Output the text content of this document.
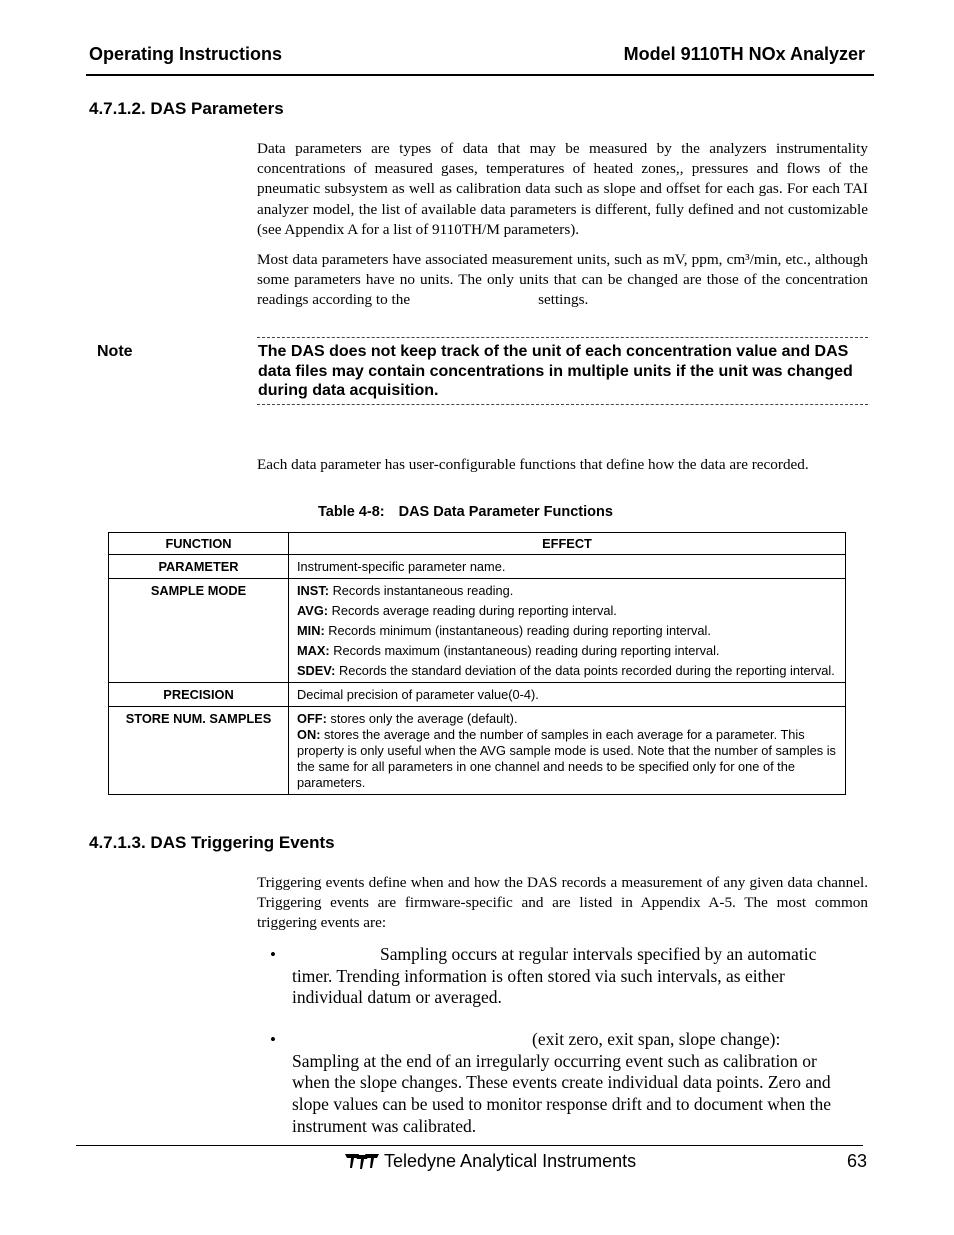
Operating Instructions	Model 9110TH NOx Analyzer
4.7.1.2. DAS Parameters
Data parameters are types of data that may be measured by the analyzers instrumentality concentrations of measured gases, temperatures of heated zones,, pressures and flows of the pneumatic subsystem as well as calibration data such as slope and offset for each gas. For each TAI analyzer model, the list of available data parameters is different, fully defined and not customizable (see Appendix A for a list of 9110TH/M parameters).
Most data parameters have associated measurement units, such as mV, ppm, cm³/min, etc., although some parameters have no units. The only units that can be changed are those of the concentration readings according to the	settings.
Note	The DAS does not keep track of the unit of each concentration value and DAS data files may contain concentrations in multiple units if the unit was changed during data acquisition.
Each data parameter has user-configurable functions that define how the data are recorded.
Table 4-8: DAS Data Parameter Functions
FUNCTION	EFFECT
PARAMETER	Instrument-specific parameter name.
SAMPLE MODE	INST: Records instantaneous reading.
AVG: Records average reading during reporting interval.
MIN: Records minimum (instantaneous) reading during reporting interval.
MAX: Records maximum (instantaneous) reading during reporting interval.
SDEV: Records the standard deviation of the data points recorded during the reporting interval.

PRECISION	Decimal precision of parameter value(0-4).
STORE NUM. SAMPLES	OFF: stores only the average (default).
ON: stores the average and the number of samples in each average for a parameter. This property is only useful when the AVG sample mode is used. Note that the number of samples is the same for all parameters in one channel and needs to be specified only for one of the parameters.
4.7.1.3. DAS Triggering Events
Triggering events define when and how the DAS records a measurement of any given data channel. Triggering events are firmware-specific and are listed in Appendix A-5. The most common triggering events are:
•	Sampling occurs at regular intervals specified by an automatic timer. Trending information is often stored via such intervals, as either individual datum or averaged.
•	(exit zero, exit span, slope change):
Sampling at the end of an irregularly occurring event such as calibration or when the slope changes. These events create individual data points. Zero and slope values can be used to monitor response drift and to document when the instrument was calibrated.
Teledyne Analytical Instruments	63
